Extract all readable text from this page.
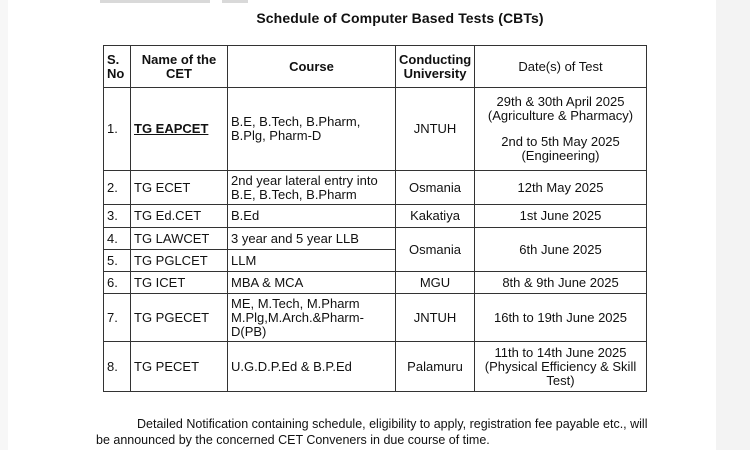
Schedule of Computer Based Tests (CBTs)
S. No	Name of the CET	Course	Conducting University	Date(s) of Test
1.	TG EAPCET	B.E, B.Tech, B.Pharm, B.Plg, Pharm-D	JNTUH	29th & 30th April 2025
(Agriculture & Pharmacy)
2nd to 5th May 2025
(Engineering)

2.	TG ECET	2nd year lateral entry into
B.E, B.Tech, B.Pharm	Osmania	12th May 2025
3.	TG Ed.CET	B.Ed	Kakatiya	1st June 2025
4.	TG LAWCET	3 year and 5 year LLB	Osmania	6th June 2025
5.	TG PGLCET	LLM		
6.	TG ICET	MBA & MCA	MGU	8th & 9th June 2025
7.	TG PGECET	ME, M.Tech, M.Pharm M.Plg,M.Arch.&Pharm-D(PB)	JNTUH	16th to 19th June 2025
8.	TG PECET	U.G.D.P.Ed & B.P.Ed	Palamuru	11th to 14th June 2025 (Physical Efficiency & Skill Test)
Detailed Notification containing schedule, eligibility to apply, registration fee payable etc., will be announced by the concerned CET Conveners in due course of time.
